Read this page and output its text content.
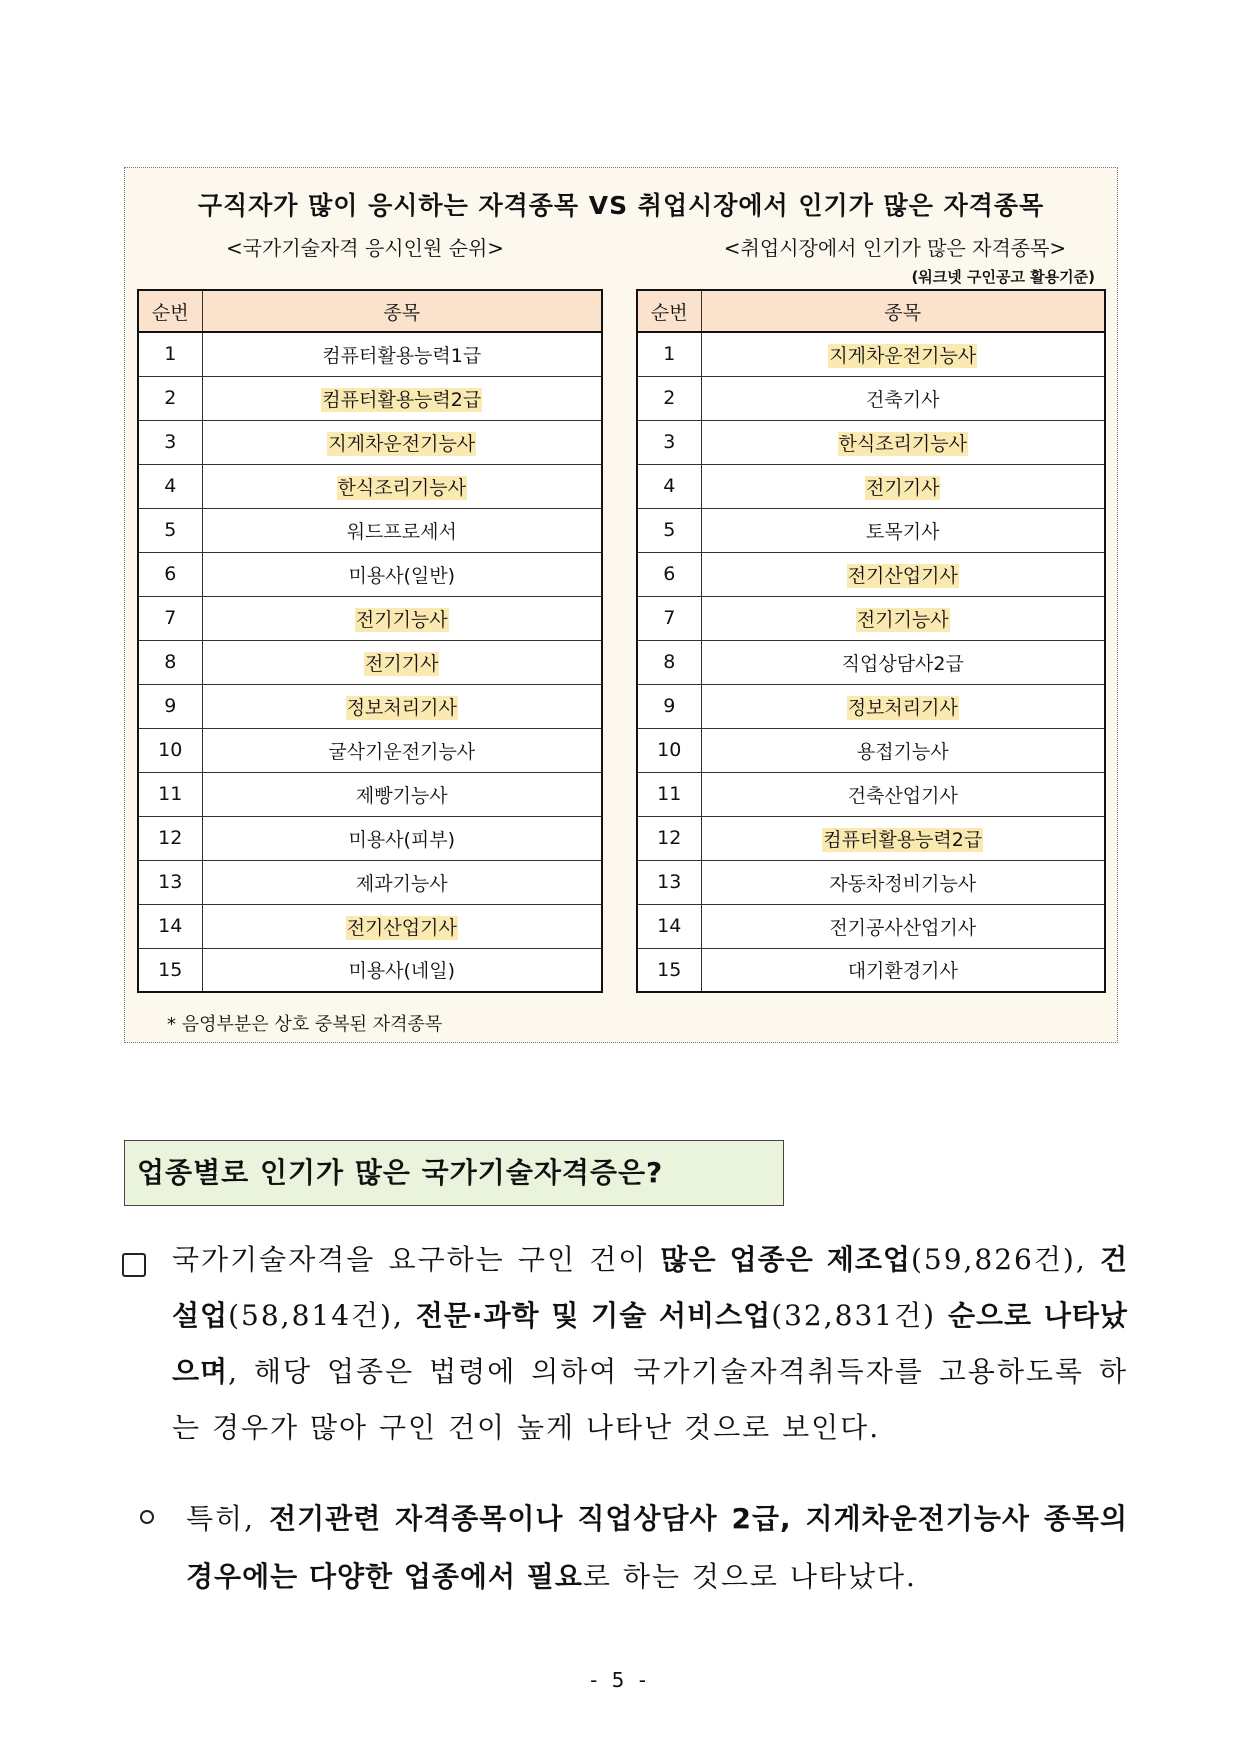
구직자가 많이 응시하는 자격종목 VS 취업시장에서 인기가 많은 자격종목
<국가기술자격 응시인원 순위>	<취업시장에서 인기가 많은 자격종목>
(워크넷 구인공고 활용기준)
순번	종목
1	컴퓨터활용능력1급
2	컴퓨터활용능력2급
3	지게차운전기능사
4	한식조리기능사
5	워드프로세서
6	미용사(일반)
7	전기기능사
8	전기기사
9	정보처리기사
10	굴삭기운전기능사
11	제빵기능사
12	미용사(피부)
13	제과기능사
14	전기산업기사
15	미용사(네일)
순번	종목
1	지게차운전기능사
2	건축기사
3	한식조리기능사
4	전기기사
5	토목기사
6	전기산업기사
7	전기기능사
8	직업상담사2급
9	정보처리기사
10	용접기능사
11	건축산업기사
12	컴퓨터활용능력2급
13	자동차정비기능사
14	전기공사산업기사
15	대기환경기사
* 음영부분은 상호 중복된 자격종목
업종별로 인기가 많은 국가기술자격증은?
국가기술자격을 요구하는 구인 건이 많은 업종은 제조업(59,826건), 건설업(58,814건), 전문·과학 및 기술 서비스업(32,831건) 순으로 나타났으며, 해당 업종은 법령에 의하여 국가기술자격취득자를 고용하도록 하는 경우가 많아 구인 건이 높게 나타난 것으로 보인다.
특히, 전기관련 자격종목이나 직업상담사 2급, 지게차운전기능사 종목의 경우에는 다양한 업종에서 필요로 하는 것으로 나타났다.
- 5 -
